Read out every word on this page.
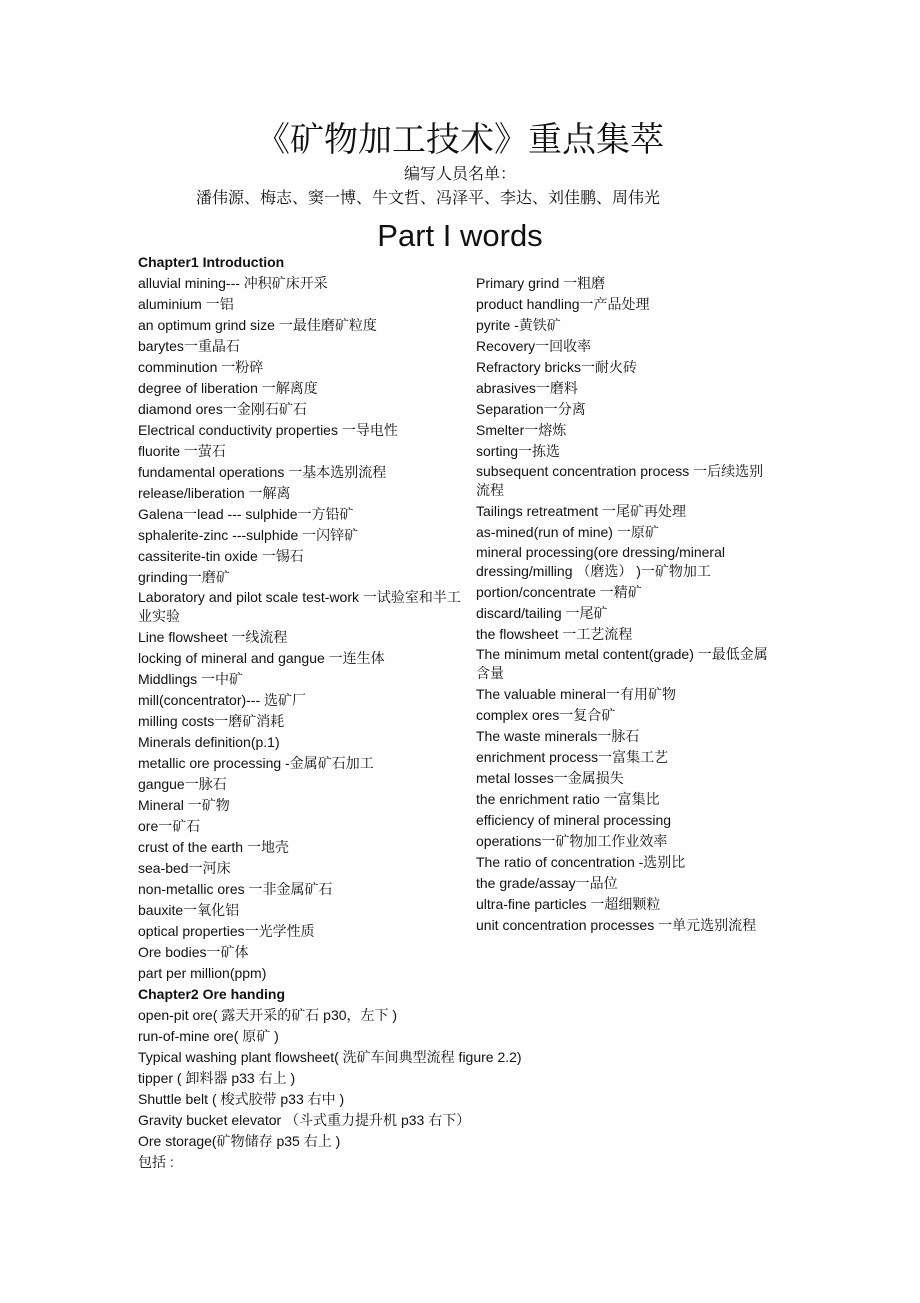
《矿物加工技术》重点集萃
编写人员名单：
潘伟源、梅志、窦一博、牛文哲、冯泽平、李达、刘佳鹏、周伟光
Part I words
Chapter1 Introduction
alluvial mining--- 冲积矿床开采
aluminium 一铝
an optimum grind size 一最佳磨矿粒度
barytes一重晶石
comminution 一粉碎
degree of liberation 一解离度
diamond ores一金刚石矿石
Electrical conductivity properties 一导电性
fluorite 一萤石
fundamental operations 一基本选别流程
release/liberation 一解离
Galena一lead --- sulphide一方铅矿
sphalerite-zinc ---sulphide 一闪锌矿
cassiterite-tin oxide 一锡石
grinding一磨矿
Laboratory and pilot scale test-work 一试验室和半工业实验
Line flowsheet 一线流程
locking of mineral and gangue 一连生体
Middlings 一中矿
mill(concentrator)--- 选矿厂
milling costs一磨矿消耗
Minerals definition(p.1)
metallic ore processing -金属矿石加工
gangue一脉石
Mineral 一矿物
ore一矿石
crust of the earth 一地壳
sea-bed一河床
non-metallic ores 一非金属矿石
bauxite一氧化铝
optical properties一光学性质
Ore bodies一矿体
part per million(ppm)
Chapter2 Ore handing
open-pit ore( 露天开采的矿石 p30，左下 )
run-of-mine ore( 原矿 )
Typical washing plant flowsheet( 洗矿车间典型流程 figure 2.2)
tipper ( 卸料器 p33 右上 )
Shuttle belt ( 梭式胶带 p33 右中 )
Gravity bucket elevator （斗式重力提升机 p33 右下）
Ore storage(矿物储存 p35 右上 )
包括 :
Primary grind 一粗磨
product handling一产品处理
pyrite -黄铁矿
Recovery一回收率
Refractory bricks一耐火砖
abrasives一磨料
Separation一分离
Smelter一熔炼
sorting一拣选
subsequent concentration process 一后续选别流程
Tailings retreatment 一尾矿再处理
as-mined(run of mine) 一原矿
mineral processing(ore dressing/mineral dressing/milling （磨选） )一矿物加工
portion/concentrate 一精矿
discard/tailing 一尾矿
the flowsheet 一工艺流程
The minimum metal content(grade) 一最低金属含量
The valuable mineral一有用矿物
complex ores一复合矿
The waste minerals一脉石
enrichment process一富集工艺
metal losses一金属损失
the enrichment ratio 一富集比
efficiency of mineral processing
operations一矿物加工作业效率
The ratio of concentration -选别比
the grade/assay一品位
ultra-fine particles 一超细颗粒
unit concentration processes 一单元选别流程
